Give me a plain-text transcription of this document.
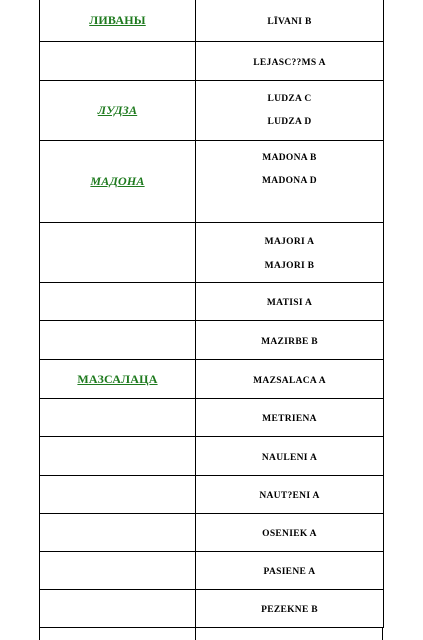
ЛИВАНЫ	LĪVANI B
	LEJASC??MS A
ЛУДЗА	LUDZA C
LUDZA D

МАДОНА	MADONA B
MADONA D

	MAJORI A
MAJORI B

	MATISI A
	MAZIRBE B
МАЗСАЛАЦА	MAZSALACA A
	METRIENA
	NAULENI A
	NAUT?ENI A
	OSENIEK A
	PASIENE A
	PEZEKNE B
